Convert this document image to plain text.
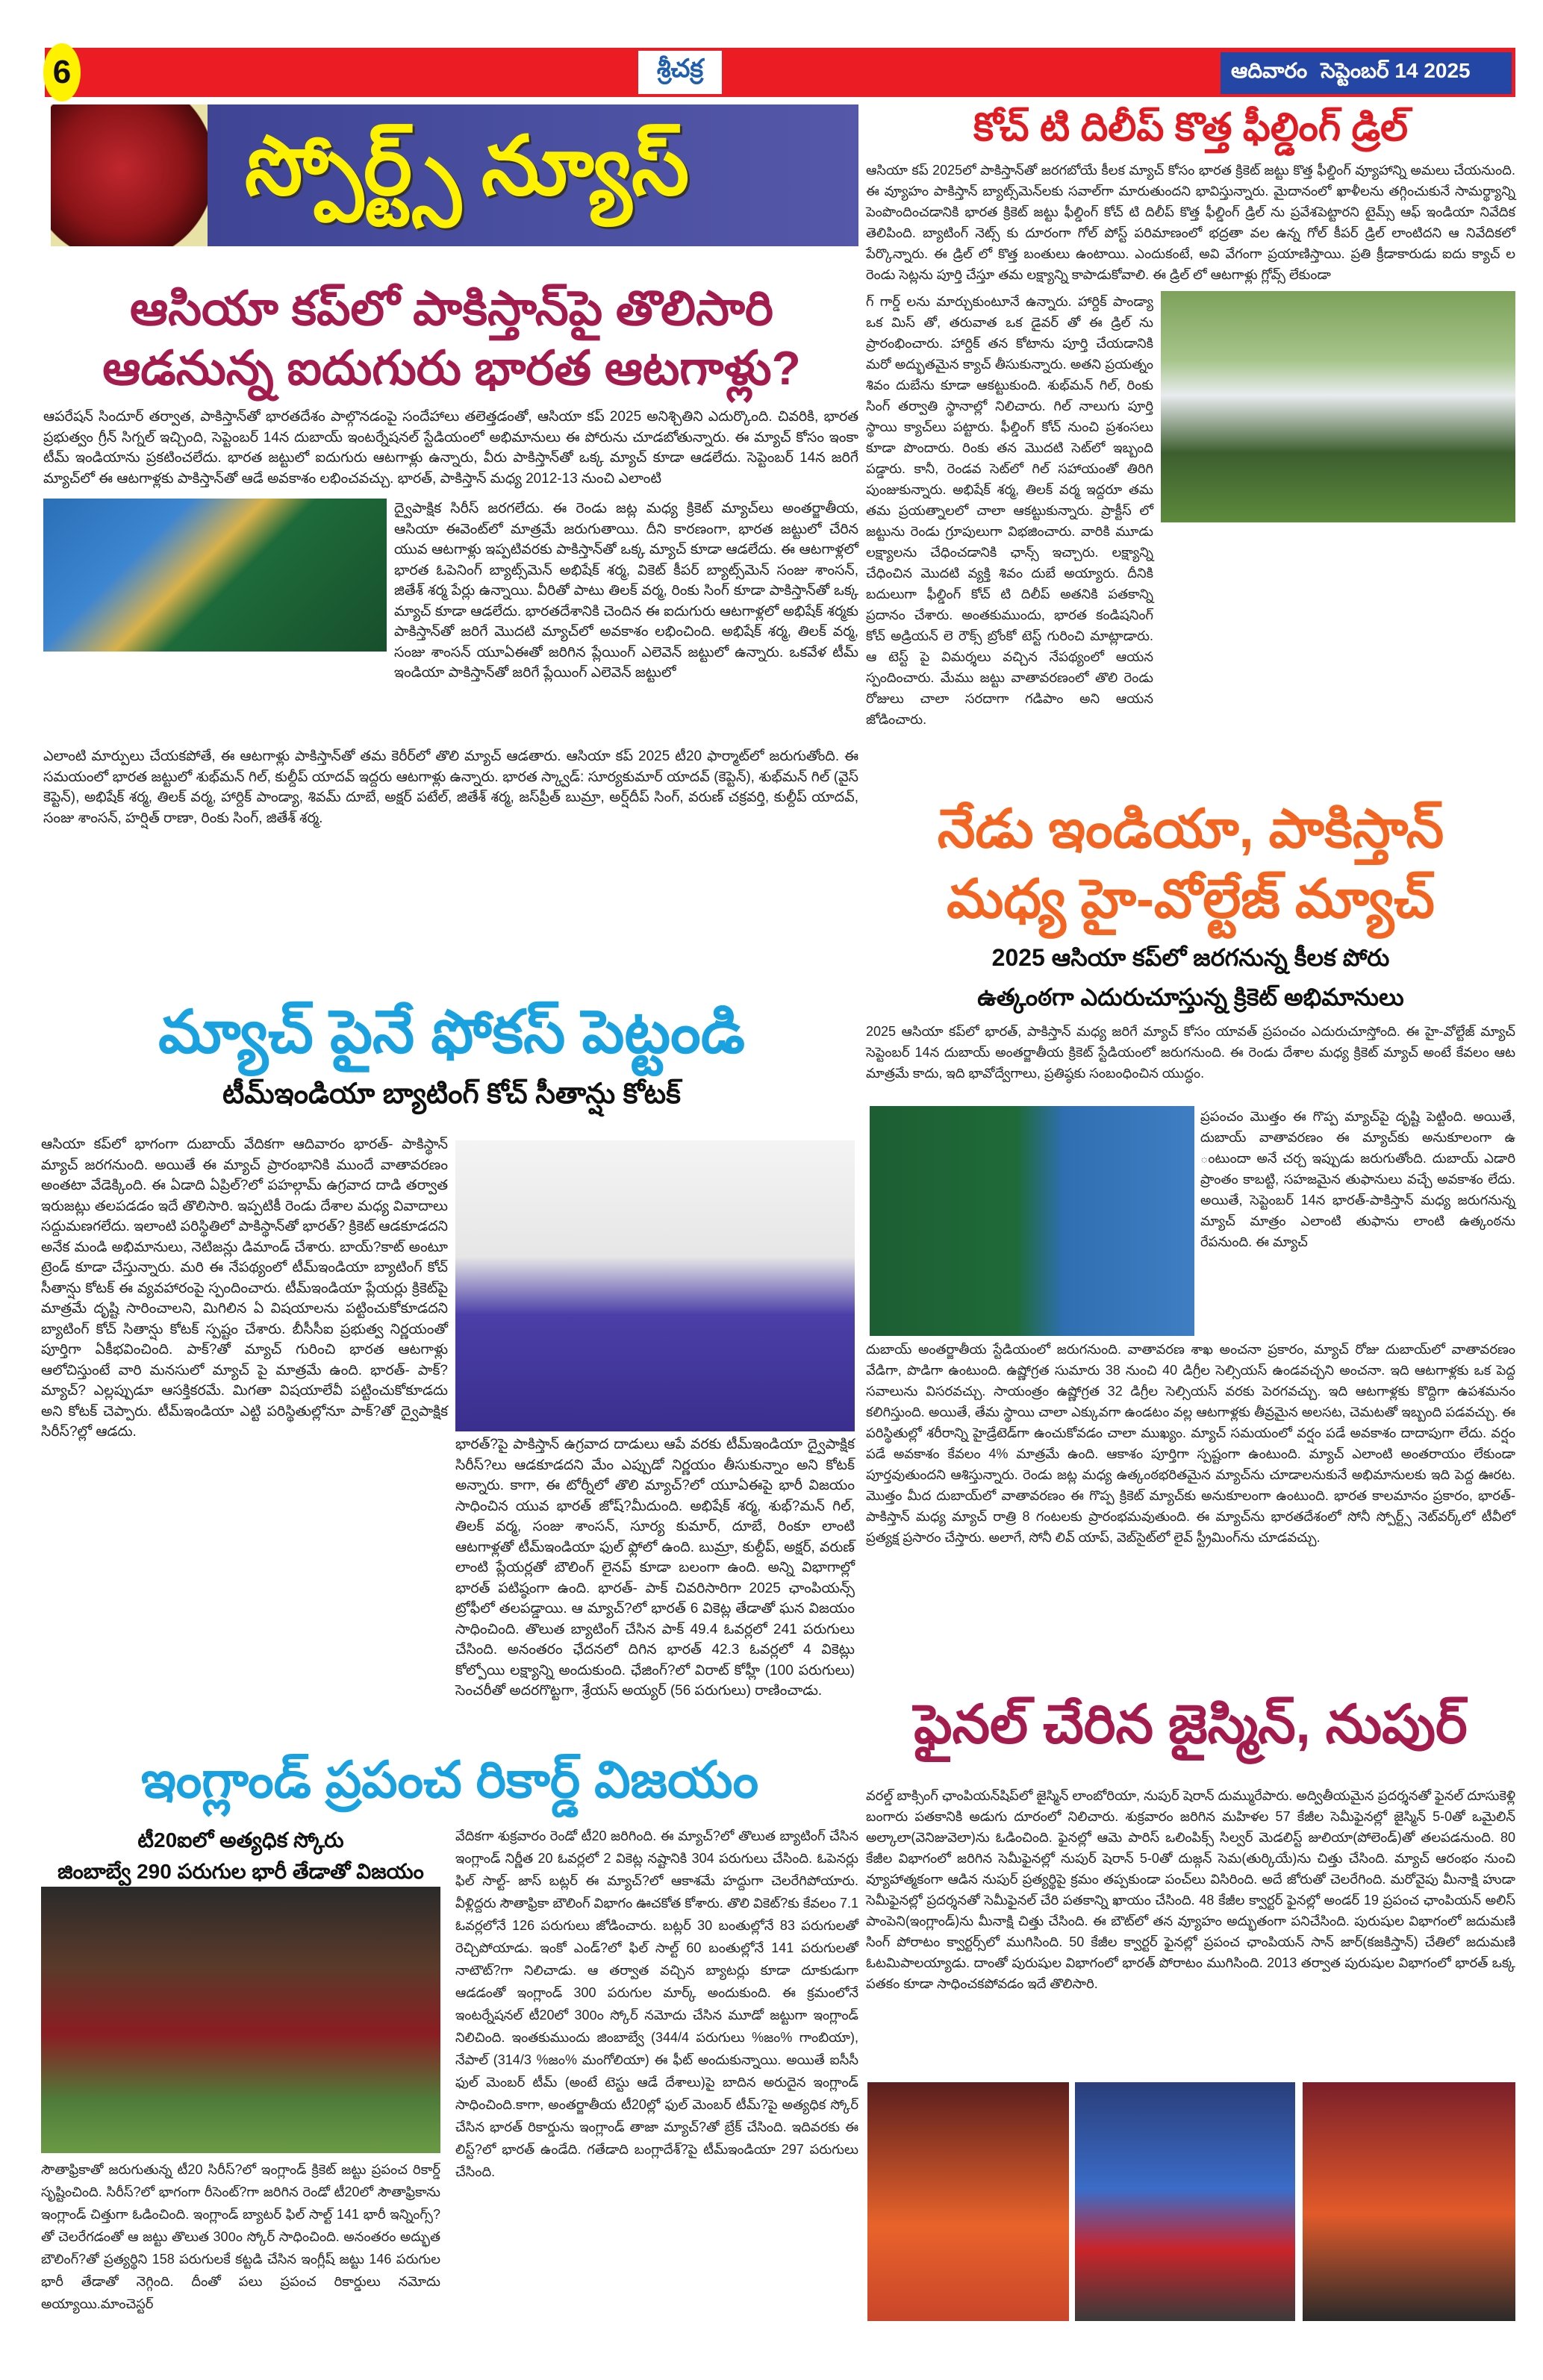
6	శ్రీచక్ర	ఆదివారం సెప్టెంబర్ 14 2025
స్పోర్ట్స్ న్యూస్
ఆసియా కప్‌లో పాకిస్తాన్‌పై తొలిసారి
ఆడనున్న ఐదుగురు భారత ఆటగాళ్లు?
ఆపరేషన్ సిందూర్ తర్వాత, పాకిస్తాన్‌తో భారతదేశం పాల్గొనడంపై సందేహాలు తలెత్తడంతో, ఆసియా కప్ 2025 అనిశ్చితిని ఎదుర్కొంది. చివరికి, భారత ప్రభుత్వం గ్రీన్ సిగ్నల్ ఇచ్చింది, సెప్టెంబర్ 14న దుబాయ్ ఇంటర్నేషనల్ స్టేడియంలో అభిమానులు ఈ పోరును చూడబోతున్నారు. ఈ మ్యాచ్ కోసం ఇంకా టీమ్ ఇండియాను ప్రకటించలేదు. భారత జట్టులో ఐదుగురు ఆటగాళ్లు ఉన్నారు, వీరు పాకిస్తాన్‌తో ఒక్క మ్యాచ్ కూడా ఆడలేదు. సెప్టెంబర్ 14న జరిగే మ్యాచ్‌లో ఈ ఆటగాళ్లకు పాకిస్తాన్‌తో ఆడే అవకాశం లభించవచ్చు. భారత్, పాకిస్తాన్ మధ్య 2012-13 నుంచి ఎలాంటి
ద్వైపాక్షిక సిరీస్ జరగలేదు. ఈ రెండు జట్ల మధ్య క్రికెట్ మ్యాచ్‌లు అంతర్జాతీయ, ఆసియా ఈవెంట్‌లో మాత్రమే జరుగుతాయి. దీని కారణంగా, భారత జట్టులో చేరిన యువ ఆటగాళ్లు ఇప్పటివరకు పాకిస్తాన్‌తో ఒక్క మ్యాచ్ కూడా ఆడలేదు. ఈ ఆటగాళ్లలో భారత ఓపెనింగ్ బ్యాట్స్‌మెన్ అభిషేక్ శర్మ, వికెట్ కీపర్ బ్యాట్స్‌మెన్ సంజు శాంసన్, జితేశ్ శర్మ పేర్లు ఉన్నాయి. వీరితో పాటు తిలక్ వర్మ, రింకు సింగ్ కూడా పాకిస్తాన్‌తో ఒక్క మ్యాచ్ కూడా ఆడలేదు. భారతదేశానికి చెందిన ఈ ఐదుగురు ఆటగాళ్లలో అభిషేక్ శర్మకు పాకిస్తాన్‌తో జరిగే మొదటి మ్యాచ్‌లో అవకాశం లభించింది. అభిషేక్ శర్మ, తిలక్ వర్మ, సంజు శాంసన్ యూఏఈతో జరిగిన ప్లేయింగ్ ఎలెవెన్ జట్టులో ఉన్నారు. ఒకవేళ టీమ్ ఇండియా పాకిస్తాన్‌తో జరిగే ప్లేయింగ్ ఎలెవెన్ జట్టులో
ఎలాంటి మార్పులు చేయకపోతే, ఈ ఆటగాళ్లు పాకిస్తాన్‌తో తమ కెరీర్‌లో తొలి మ్యాచ్ ఆడతారు. ఆసియా కప్ 2025 టీ20 ఫార్మాట్‌లో జరుగుతోంది. ఈ సమయంలో భారత జట్టులో శుభ్‌మన్ గిల్, కుల్దీప్ యాదవ్ ఇద్దరు ఆటగాళ్లు ఉన్నారు. భారత స్క్వాడ్: సూర్యకుమార్ యాదవ్ (కెప్టెన్), శుభ్‌మన్ గిల్ (వైస్ కెప్టెన్), అభిషేక్ శర్మ, తిలక్ వర్మ, హార్దిక్ పాండ్యా, శివమ్ దూబే, అక్షర్ పటేల్, జితేశ్ శర్మ, జస్‌ప్రీత్ బుమ్రా, అర్ష్‌దీప్ సింగ్, వరుణ్ చక్రవర్తి, కుల్దీప్ యాదవ్, సంజు శాంసన్, హర్షిత్ రాణా, రింకు సింగ్, జితేశ్ శర్మ.
మ్యాచ్ పైనే ఫోకస్ పెట్టండి
టీమ్‌ఇండియా బ్యాటింగ్ కోచ్ సీతాన్షు కోటక్
ఆసియా కప్‌లో భాగంగా దుబాయ్ వేదికగా ఆదివారం భారత్- పాకిస్థాన్ మ్యాచ్ జరగనుంది. అయితే ఈ మ్యాచ్ ప్రారంభానికి ముందే వాతావరణం అంతటా వేడెక్కింది. ఈ ఏడాది ఏప్రిల్?లో పహల్గామ్ ఉగ్రవాద దాడి తర్వాత ఇరుజట్లు తలపడడం ఇదే తొలిసారి. ఇప్పటికీ రెండు దేశాల మధ్య వివాదాలు సద్దుమణగలేదు. ఇలాంటి పరిస్థితిలో పాకిస్థాన్‌తో భారత్? క్రికెట్ ఆడకూడదని అనేక మండి అభిమానులు, నెటిజన్లు డిమాండ్ చేశారు. బాయ్?కాట్ అంటూ ట్రెండ్ కూడా చేస్తున్నారు. మరి ఈ నేపథ్యంలో టీమ్‌ఇండియా బ్యాటింగ్ కోచ్ సీతాన్షు కోటక్ ఈ వ్యవహారంపై స్పందించారు. టీమ్‌ఇండియా ప్లేయర్లు క్రికెట్‌పై మాత్రమే దృష్టి సారించాలని, మిగిలిన ఏ విషయాలను పట్టించుకోకూడదని బ్యాటింగ్ కోచ్ సితాన్షు కోటక్ స్పష్టం చేశారు. బీసీసీఐ ప్రభుత్వ నిర్ణయంతో పూర్తిగా ఏకీభవించింది. పాక్?తో మ్యాచ్ గురించి భారత ఆటగాళ్లు ఆలోచిస్తుంటే వారి మనసులో మ్యాచ్ పై మాత్రమే ఉంది. భారత్- పాక్? మ్యాచ్? ఎల్లప్పుడూ ఆసక్తికరమే. మిగతా విషయాలేవీ పట్టించుకోకూడదు అని కోటక్ చెప్పారు. టీమ్‌ఇండియా ఎట్టి పరిస్థితుల్లోనూ పాక్?తో ద్వైపాక్షిక సిరీస్?ల్లో ఆడదు.
భారత్?పై పాకిస్తాన్ ఉగ్రవాద దాడులు ఆపే వరకు టీమ్‌ఇండియా ద్వైపాక్షిక సిరీస్?లు ఆడకూడదని మేం ఎప్పుడో నిర్ణయం తీసుకున్నాం అని కోటక్ అన్నారు. కాగా, ఈ టోర్నీలో తొలి మ్యాచ్?లో యూఏఈపై భారీ విజయం సాధించిన యువ భారత్ జోష్?మీదుంది. అభిషేక్ శర్మ, శుభ్?మన్ గిల్, తిలక్ వర్మ, సంజు శాంసన్, సూర్య కుమార్, దూబే, రింకూ లాంటి ఆటగాళ్లతో టీమ్‌ఇండియా ఫుల్ ఫ్లోలో ఉంది. బుమ్రా, కుల్దీప్, అక్షర్, వరుణ్ లాంటి ప్లేయర్లతో బౌలింగ్ లైనప్ కూడా బలంగా ఉంది. అన్ని విభాగాల్లో భారత్ పటిష్ఠంగా ఉంది. భారత్- పాక్ చివరిసారిగా 2025 ఛాంపియన్స్ ట్రోఫీలో తలపడ్డాయి. ఆ మ్యాచ్?లో భారత్ 6 వికెట్ల తేడాతో ఘన విజయం సాధించింది. తొలుత బ్యాటింగ్ చేసిన పాక్ 49.4 ఓవర్లలో 241 పరుగులు చేసింది. అనంతరం ఛేదనలో దిగిన భారత్ 42.3 ఓవర్లలో 4 వికెట్లు కోల్పోయి లక్ష్యాన్ని అందుకుంది. ఛేజింగ్?లో విరాట్ కోహ్లీ (100 పరుగులు) సెంచరీతో అదరగొట్టగా, శ్రేయస్ అయ్యర్ (56 పరుగులు) రాణించాడు.
ఇంగ్లాండ్ ప్రపంచ రికార్డ్ విజయం
టీ20ఐలో అత్యధిక స్కోరు
జింబాబ్వే 290 పరుగుల భారీ తేడాతో విజయం
సౌతాఫ్రికాతో జరుగుతున్న టీ20 సిరీస్?లో ఇంగ్లాండ్ క్రికెట్ జట్టు ప్రపంచ రికార్డ్ సృష్టించింది. సిరీస్?లో భాగంగా రీసెంట్?గా జరిగిన రెండో టీ20లో సౌతాఫ్రికాను ఇంగ్లాండ్ చిత్తుగా ఓడించింది. ఇంగ్లాండ్ బ్యాటర్ ఫిల్ సాల్ట్ 141 భారీ ఇన్నింగ్స్?తో చెలరేగడంతో ఆ జట్టు తొలుత 300ం స్కోర్ సాధించింది. అనంతరం అద్భుత బౌలింగ్?తో ప్రత్యర్థిని 158 పరుగులకే కట్టడి చేసిన ఇంగ్లీష్ జట్టు 146 పరుగుల భారీ తేడాతో నెగ్గింది. దీంతో పలు ప్రపంచ రికార్డులు నమోదు అయ్యాయి.మాంచెస్టర్
వేదికగా శుక్రవారం రెండో టీ20 జరిగింది. ఈ మ్యాచ్?లో తొలుత బ్యాటింగ్ చేసిన ఇంగ్లాండ్ నిర్ణీత 20 ఓవర్లలో 2 వికెట్ల నష్టానికి 304 పరుగులు చేసింది. ఓపెనర్లు ఫిల్ సాల్ట్- జాస్ బట్లర్ ఈ మ్యాచ్?లో ఆకాశమే హద్దుగా చెలరేగిపోయారు. వీళ్లిద్దరు సౌతాఫ్రికా బౌలింగ్ విభాగం ఊచకోత కోశారు. తొలి వికెట్?కు కేవలం 7.1 ఓవర్లలోనే 126 పరుగులు జోడించారు. బట్లర్ 30 బంతుల్లోనే 83 పరుగులతో రెచ్చిపోయాడు. ఇంకో ఎండ్?లో ఫిల్ సాల్ట్ 60 బంతుల్లోనే 141 పరుగులతో నాటౌట్?గా నిలిచాడు. ఆ తర్వాత వచ్చిన బ్యాటర్లు కూడా దూకుడుగా ఆడడంతో ఇంగ్లాండ్ 300 పరుగుల మార్క్ అందుకుంది. ఈ క్రమంలోనే ఇంటర్నేషనల్ టీ20లో 300ం స్కోర్ నమోదు చేసిన మూడో జట్టుగా ఇంగ్లాండ్ నిలిచింది. ఇంతకుముందు జింబాబ్వే (344/4 పరుగులు %జం% గాంబియా), నేపాల్ (314/3 %జం% మంగోలియా) ఈ ఫీట్ అందుకున్నాయి. అయితే ఐసీసీ ఫుల్ మెంబర్ టీమ్ (అంటే టెస్టు ఆడే దేశాలు)పై బాదిన అరుదైన ఇంగ్లాండ్ సాధించింది.కాగా, అంతర్జాతీయ టీ20ల్లో ఫుల్ మెంబర్ టీమ్?పై అత్యధిక స్కోర్ చేసిన భారత్ రికార్డును ఇంగ్లాండ్ తాజా మ్యాచ్?తో బ్రేక్ చేసింది. ఇదివరకు ఈ లిస్ట్?లో భారత్ ఉండేది. గతేడాది బంగ్లాదేశ్?పై టీమ్‌ఇండియా 297 పరుగులు చేసింది.
కోచ్ టి దిలీప్ కొత్త ఫీల్డింగ్ డ్రిల్
ఆసియా కప్ 2025లో పాకిస్తాన్‌తో జరగబోయే కీలక మ్యాచ్ కోసం భారత క్రికెట్ జట్టు కొత్త ఫీల్డింగ్ వ్యూహాన్ని అమలు చేయనుంది. ఈ వ్యూహం పాకిస్తాన్ బ్యాట్స్‌మెన్‌లకు సవాల్‌గా మారుతుందని భావిస్తున్నారు. మైదానంలో ఖాళీలను తగ్గించుకునే సామర్థ్యాన్ని పెంపొందించడానికి భారత క్రికెట్ జట్టు ఫీల్డింగ్ కోచ్ టి దిలీప్ కొత్త ఫీల్డింగ్ డ్రిల్ ను ప్రవేశపెట్టారని టైమ్స్ ఆఫ్ ఇండియా నివేదిక తెలిపింది. బ్యాటింగ్ నెట్స్ కు దూరంగా గోల్ పోస్ట్ పరిమాణంలో భద్రతా వల ఉన్న గోల్ కీపర్ డ్రిల్ లాంటిదని ఆ నివేదికలో పేర్కొన్నారు. ఈ డ్రిల్ లో కొత్త బంతులు ఉంటాయి. ఎందుకంటే, అవి వేగంగా ప్రయాణిస్తాయి. ప్రతి క్రీడాకారుడు ఐదు క్యాచ్ ల రెండు సెట్లను పూర్తి చేస్తూ తమ లక్ష్యాన్ని కాపాడుకోవాలి. ఈ డ్రిల్ లో ఆటగాళ్లు గ్లోవ్స్ లేకుండా
గ్ గార్డ్ లను మార్చుకుంటూనే ఉన్నారు. హార్దిక్ పాండ్యా ఒక మిస్ తో, తరువాత ఒక డైవర్ తో ఈ డ్రిల్ ను ప్రారంభించారు. హార్దిక్ తన కోటాను పూర్తి చేయడానికి మరో అద్భుతమైన క్యాచ్ తీసుకున్నారు. అతని ప్రయత్నం శివం దుబేను కూడా ఆకట్టుకుంది. శుభ్‌మన్ గిల్, రింకు సింగ్ తర్వాతి స్థానాల్లో నిలిచారు. గిల్ నాలుగు పూర్తి స్థాయి క్యాచ్‌లు పట్టారు. ఫీల్డింగ్ కోచ్ నుంచి ప్రశంసలు కూడా పొందారు. రింకు తన మొదటి సెట్‌లో ఇబ్బంది పడ్డారు. కానీ, రెండవ సెట్‌లో గిల్ సహాయంతో తిరిగి పుంజుకున్నారు. అభిషేక్ శర్మ, తిలక్ వర్మ ఇద్దరూ తమ తమ ప్రయత్నాలలో చాలా ఆకట్టుకున్నారు. ప్రాక్టీస్ లో జట్టును రెండు గ్రూపులుగా విభజించారు. వారికి మూడు లక్ష్యాలను చేధించడానికి ఛాన్స్ ఇచ్చారు. లక్ష్యాన్ని చేధించిన మొదటి వ్యక్తి శివం దుబే అయ్యారు. దీనికి బదులుగా ఫీల్డింగ్ కోచ్ టి దిలీప్ అతనికి పతకాన్ని ప్రదానం చేశారు. అంతకుముందు, భారత కండిషనింగ్ కోచ్ అడ్రియన్ లె రౌక్స్ బ్రోంకో టెస్ట్ గురించి మాట్లాడారు. ఆ టెస్ట్ పై విమర్శలు వచ్చిన నేపథ్యంలో ఆయన స్పందించారు. మేము జట్టు వాతావరణంలో తొలి రెండు రోజులు చాలా సరదాగా గడిపాం అని ఆయన జోడించారు.
నేడు ఇండియా, పాకిస్తాన్
మధ్య హై-వోల్టేజ్ మ్యాచ్
2025 ఆసియా కప్‌లో జరగనున్న కీలక పోరు
ఉత్కంఠగా ఎదురుచూస్తున్న క్రికెట్ అభిమానులు
2025 ఆసియా కప్‌లో భారత్, పాకిస్తాన్ మధ్య జరిగే మ్యాచ్ కోసం యావత్ ప్రపంచం ఎదురుచూస్తోంది. ఈ హై-వోల్టేజ్ మ్యాచ్ సెప్టెంబర్ 14న దుబాయ్ అంతర్జాతీయ క్రికెట్ స్టేడియంలో జరుగనుంది. ఈ రెండు దేశాల మధ్య క్రికెట్ మ్యాచ్ అంటే కేవలం ఆట మాత్రమే కాదు, ఇది భావోద్వేగాలు, ప్రతిష్ఠకు సంబంధించిన యుద్ధం.
ప్రపంచం మొత్తం ఈ గొప్ప మ్యాచ్‌పై దృష్టి పెట్టింది. అయితే, దుబాయ్ వాతావరణం ఈ మ్యాచ్‌కు అనుకూలంగా ఉ ంటుందా అనే చర్చ ఇప్పుడు జరుగుతోంది. దుబాయ్ ఎడారి ప్రాంతం కాబట్టి, సహజమైన తుఫానులు వచ్చే అవకాశం లేదు. అయితే, సెప్టెంబర్ 14న భారత్-పాకిస్తాన్ మధ్య జరుగనున్న మ్యాచ్ మాత్రం ఎలాంటి తుఫాను లాంటి ఉత్కంఠను రేపనుంది. ఈ మ్యాచ్
దుబాయ్ అంతర్జాతీయ స్టేడియంలో జరుగనుంది. వాతావరణ శాఖ అంచనా ప్రకారం, మ్యాచ్ రోజు దుబాయ్‌లో వాతావరణం వేడిగా, పొడిగా ఉంటుంది. ఉష్ణోగ్రత సుమారు 38 నుంచి 40 డిగ్రీల సెల్సియస్ ఉండవచ్చని అంచనా. ఇది ఆటగాళ్లకు ఒక పెద్ద సవాలును విసరవచ్చు. సాయంత్రం ఉష్ణోగ్రత 32 డిగ్రీల సెల్సియస్ వరకు పెరగవచ్చు. ఇది ఆటగాళ్లకు కొద్దిగా ఉపశమనం కలిగిస్తుంది. అయితే, తేమ స్థాయి చాలా ఎక్కువగా ఉండటం వల్ల ఆటగాళ్లకు తీవ్రమైన అలసట, చెమటతో ఇబ్బంది పడవచ్చు. ఈ పరిస్థితుల్లో శరీరాన్ని హైడ్రేటెడ్‌గా ఉంచుకోవడం చాలా ముఖ్యం. మ్యాచ్ సమయంలో వర్షం పడే అవకాశం దాదాపుగా లేదు. వర్షం పడే అవకాశం కేవలం 4% మాత్రమే ఉంది. ఆకాశం పూర్తిగా స్పష్టంగా ఉంటుంది. మ్యాచ్ ఎలాంటి అంతరాయం లేకుండా పూర్తవుతుందని ఆశిస్తున్నారు. రెండు జట్ల మధ్య ఉత్కంఠభరితమైన మ్యాచ్‌ను చూడాలనుకునే అభిమానులకు ఇది పెద్ద ఊరట. మొత్తం మీద దుబాయ్‌లో వాతావరణం ఈ గొప్ప క్రికెట్ మ్యాచ్‌కు అనుకూలంగా ఉంటుంది. భారత కాలమానం ప్రకారం, భారత్-పాకిస్తాన్ మధ్య మ్యాచ్ రాత్రి 8 గంటలకు ప్రారంభమవుతుంది. ఈ మ్యాచ్‌ను భారతదేశంలో సోనీ స్పోర్ట్స్ నెట్‌వర్క్‌లో టీవీలో ప్రత్యక్ష ప్రసారం చేస్తారు. అలాగే, సోనీ లివ్ యాప్, వెబ్‌సైట్‌లో లైవ్ స్ట్రీమింగ్‌ను చూడవచ్చు.
ఫైనల్ చేరిన జైస్మిన్, నుపుర్
వరల్డ్ బాక్సింగ్ ఛాంపియన్‌షిప్‌లో జైస్మిన్ లాంబోరియా, నుపుర్ షెరాన్ దుమ్మురేపారు. అద్వితీయమైన ప్రదర్శనతో ఫైనల్ దూసుకెళ్లి బంగారు పతకానికి అడుగు దూరంలో నిలిచారు. శుక్రవారం జరిగిన మహిళల 57 కేజీల సెమీఫైనల్లో జైస్మిన్ 5-0తో ఒమైలిన్ అల్కాలా(వెనిజువెలా)ను ఓడించింది. ఫైనల్లో ఆమె పారిస్ ఒలింపిక్స్ సిల్వర్ మెడలిస్ట్ జులియా(పోలెండ్)తో తలపడనుంది. 80 కేజీల విభాగంలో జరిగిన సెమీఫైనల్లో నుపుర్ షెరాన్ 5-0తో దుజ్గన్ సెమ(తుర్కియే)ను చిత్తు చేసింది. మ్యాచ్ ఆరంభం నుంచి వ్యూహాత్మకంగా ఆడిన నుపుర్ ప్రత్యర్థిపై క్రమం తప్పకుండా పంచ్‌లు విసిరింది. అదే జోరుతో చెలరేగింది. మరోవైపు మీనాక్షి హుడా సెమీఫైనల్లో ప్రదర్శనతో సెమీఫైనల్ చేరి పతకాన్ని ఖాయం చేసింది. 48 కేజీల క్వార్టర్ ఫైనల్లో అండర్ 19 ప్రపంచ ఛాంపియన్ అలిస్ పాంపెని(ఇంగ్లాండ్)ను మీనాక్షి చిత్తు చేసింది. ఈ బౌట్‌లో తన వ్యూహం అద్భుతంగా పనిచేసింది. పురుషుల విభాగంలో జదుమణి సింగ్ పోరాటం క్వార్టర్స్‌లో ముగిసింది. 50 కేజీల క్వార్టర్ ఫైనల్లో ప్రపంచ ఛాంపియన్ సాన్ జార్(కజకిస్తాన్) చేతిలో జదుమణి ఓటమిపాలయ్యాడు. దాంతో పురుషుల విభాగంలో భారత్ పోరాటం ముగిసింది. 2013 తర్వాత పురుషుల విభాగంలో భారత్ ఒక్క పతకం కూడా సాధించకపోవడం ఇదే తొలిసారి.
